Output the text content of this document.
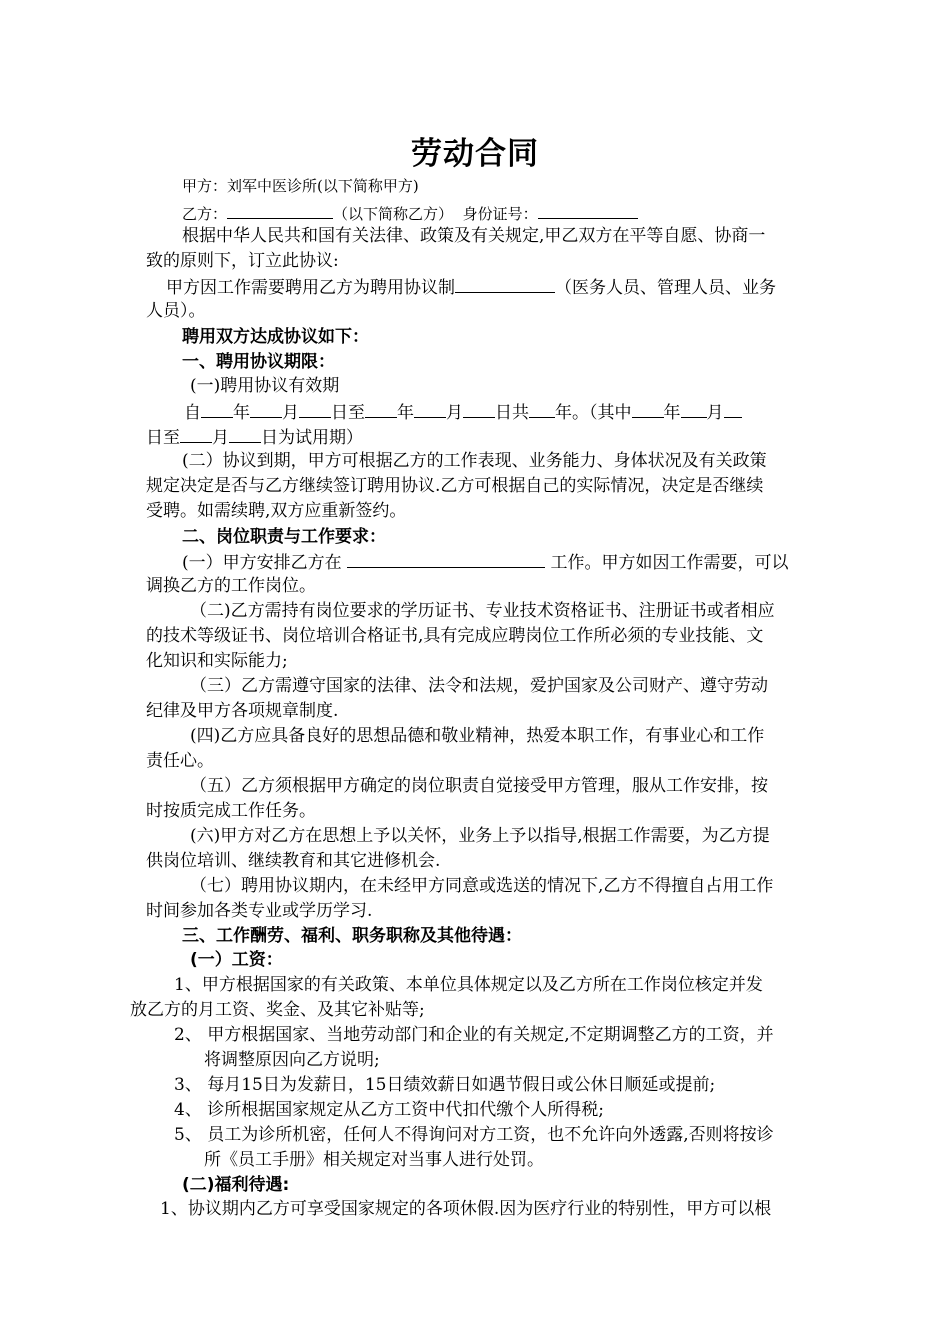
劳动合同
甲方：刘军中医诊所(以下简称甲方)
乙方：	（以下简称乙方） 身份证号：
根据中华人民共和国有关法律、政策及有关规定,甲乙双方在平等自愿、协商一
致的原则下，订立此协议:
甲方因工作需要聘用乙方为聘用协议制	（医务人员、管理人员、业务
人员）。
聘用双方达成协议如下：
一、聘用协议期限：
(一)聘用协议有效期
自 年 月 日至 年 月 日共 年。（其中 年 月
日至 月 日为试用期）
(二）协议到期，甲方可根据乙方的工作表现、业务能力、身体状况及有关政策
规定决定是否与乙方继续签订聘用协议.乙方可根据自己的实际情况，决定是否继续
受聘。如需续聘,双方应重新签约。
二、岗位职责与工作要求：
(一）甲方安排乙方在	工作。甲方如因工作需要，可以
调换乙方的工作岗位。
（二)乙方需持有岗位要求的学历证书、专业技术资格证书、注册证书或者相应
的技术等级证书、岗位培训合格证书,具有完成应聘岗位工作所必须的专业技能、文
化知识和实际能力;
（三）乙方需遵守国家的法律、法令和法规，爱护国家及公司财产、遵守劳动
纪律及甲方各项规章制度.
(四)乙方应具备良好的思想品德和敬业精神，热爱本职工作，有事业心和工作
责任心。
（五）乙方须根据甲方确定的岗位职责自觉接受甲方管理，服从工作安排，按
时按质完成工作任务。
(六)甲方对乙方在思想上予以关怀，业务上予以指导,根据工作需要，为乙方提
供岗位培训、继续教育和其它进修机会.
（七）聘用协议期内，在未经甲方同意或选送的情况下,乙方不得擅自占用工作
时间参加各类专业或学历学习.
三、工作酬劳、福利、职务职称及其他待遇：
(一）工资：
1、甲方根据国家的有关政策、本单位具体规定以及乙方所在工作岗位核定并发
放乙方的月工资、奖金、及其它补贴等;
2、 甲方根据国家、当地劳动部门和企业的有关规定,不定期调整乙方的工资，并
将调整原因向乙方说明;
3、 每月15日为发薪日，15日绩效薪日如遇节假日或公休日顺延或提前;
4、 诊所根据国家规定从乙方工资中代扣代缴个人所得税;
5、 员工为诊所机密，任何人不得询问对方工资，也不允许向外透露,否则将按诊
所《员工手册》相关规定对当事人进行处罚。
(二)福利待遇:
1、协议期内乙方可享受国家规定的各项休假.因为医疗行业的特别性，甲方可以根
